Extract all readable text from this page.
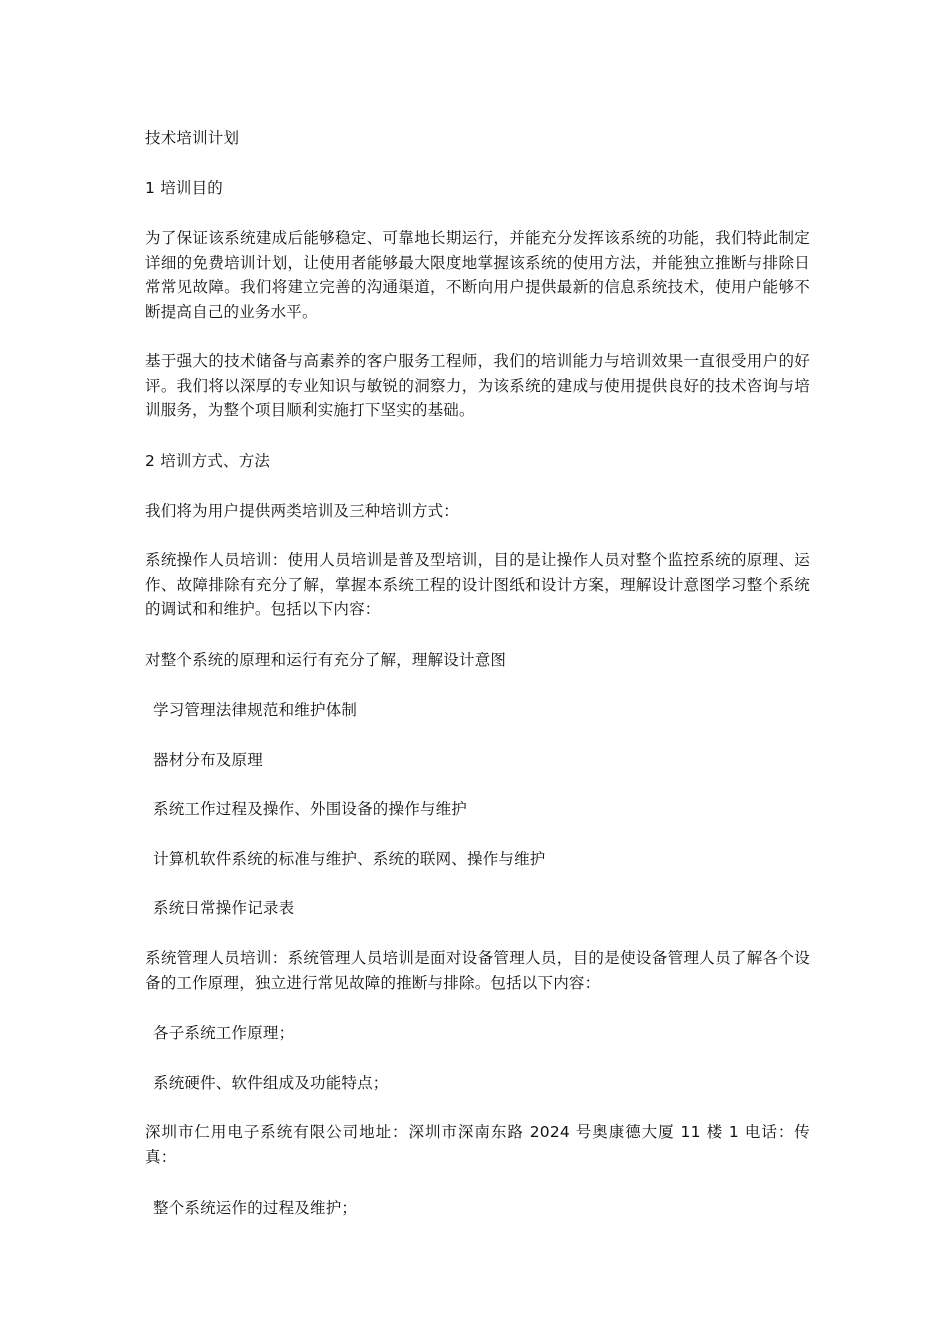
技术培训计划
1 培训目的
为了保证该系统建成后能够稳定、可靠地长期运行，并能充分发挥该系统的功能，我们特此制定详细的免费培训计划，让使用者能够最大限度地掌握该系统的使用方法，并能独立推断与排除日常常见故障。我们将建立完善的沟通渠道，不断向用户提供最新的信息系统技术，使用户能够不断提高自己的业务水平。
基于强大的技术储备与高素养的客户服务工程师，我们的培训能力与培训效果一直很受用户的好评。我们将以深厚的专业知识与敏锐的洞察力，为该系统的建成与使用提供良好的技术咨询与培训服务，为整个项目顺利实施打下坚实的基础。
2 培训方式、方法
我们将为用户提供两类培训及三种培训方式：
系统操作人员培训：使用人员培训是普及型培训，目的是让操作人员对整个监控系统的原理、运作、故障排除有充分了解，掌握本系统工程的设计图纸和设计方案，理解设计意图学习整个系统的调试和和维护。包括以下内容：
对整个系统的原理和运行有充分了解，理解设计意图
学习管理法律规范和维护体制
器材分布及原理
系统工作过程及操作、外围设备的操作与维护
计算机软件系统的标准与维护、系统的联网、操作与维护
系统日常操作记录表
系统管理人员培训：系统管理人员培训是面对设备管理人员，目的是使设备管理人员了解各个设备的工作原理，独立进行常见故障的推断与排除。包括以下内容：
各子系统工作原理；
系统硬件、软件组成及功能特点；
深圳市仁用电子系统有限公司地址：深圳市深南东路 2024 号奥康德大厦 11 楼 1 电话：传真：
整个系统运作的过程及维护；
